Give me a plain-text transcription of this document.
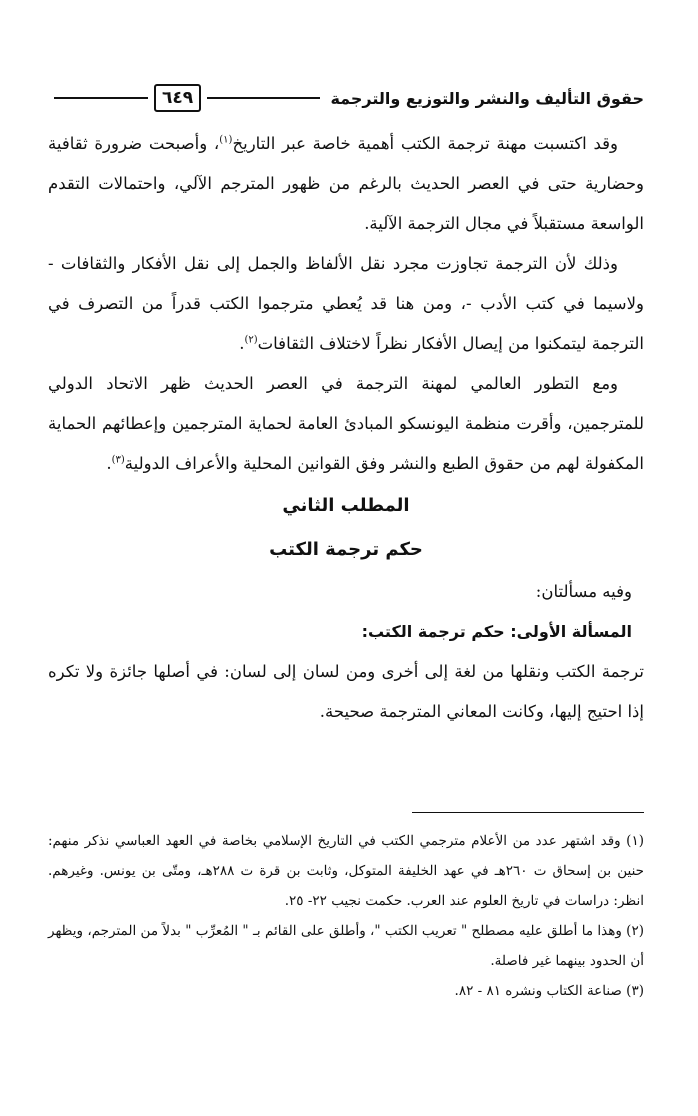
حقوق التأليف والنشر والتوزيع والترجمة
٦٤٩

وقد اكتسبت مهنة ترجمة الكتب أهمية خاصة عبر التاريخ$^{(١)}$، وأصبحت ضرورة ثقافية وحضارية حتى في العصر الحديث بالرغم من ظهور المترجم الآلي، واحتمالات التقدم الواسعة مستقبلاً في مجال الترجمة الآلية.

وذلك لأن الترجمة تجاوزت مجرد نقل الألفاظ والجمل إلى نقل الأفكار والثقافات - ولاسيما في كتب الأدب -، ومن هنا قد يُعطي مترجموا الكتب قدراً من التصرف في الترجمة ليتمكنوا من إيصال الأفكار نظراً لاختلاف الثقافات$^{(٢)}$.

ومع التطور العالمي لمهنة الترجمة في العصر الحديث ظهر الاتحاد الدولي للمترجمين، وأقرت منظمة اليونسكو المبادئ العامة لحماية المترجمين وإعطائهم الحماية المكفولة لهم من حقوق الطبع والنشر وفق القوانين المحلية والأعراف الدولية$^{(٣)}$.

المطلب الثاني
حكم ترجمة الكتب

وفيه مسألتان:

المسألة الأولى: حكم ترجمة الكتب:

ترجمة الكتب ونقلها من لغة إلى أخرى ومن لسان إلى لسان: في أصلها جائزة ولا تكره إذا احتيج إليها، وكانت المعاني المترجمة صحيحة.

(١) وقد اشتهر عدد من الأعلام مترجمي الكتب في التاريخ الإسلامي بخاصة في العهد العباسي نذكر منهم: حنين بن إسحاق ت ٢٦٠هـ في عهد الخليفة المتوكل، وثابت بن قرة ت ٢٨٨هـ، ومتّى بن يونس. وغيرهم. انظر: دراسات في تاريخ العلوم عند العرب. حكمت نجيب ٢٢- ٢٥.

(٢) وهذا ما أطلق عليه مصطلح " تعريب الكتب "، وأطلق على القائم بـ " المُعرِّب " بدلاً من المترجم، ويظهر أن الحدود بينهما غير فاصلة.

(٣) صناعة الكتاب ونشره ٨١ - ٨٢.
